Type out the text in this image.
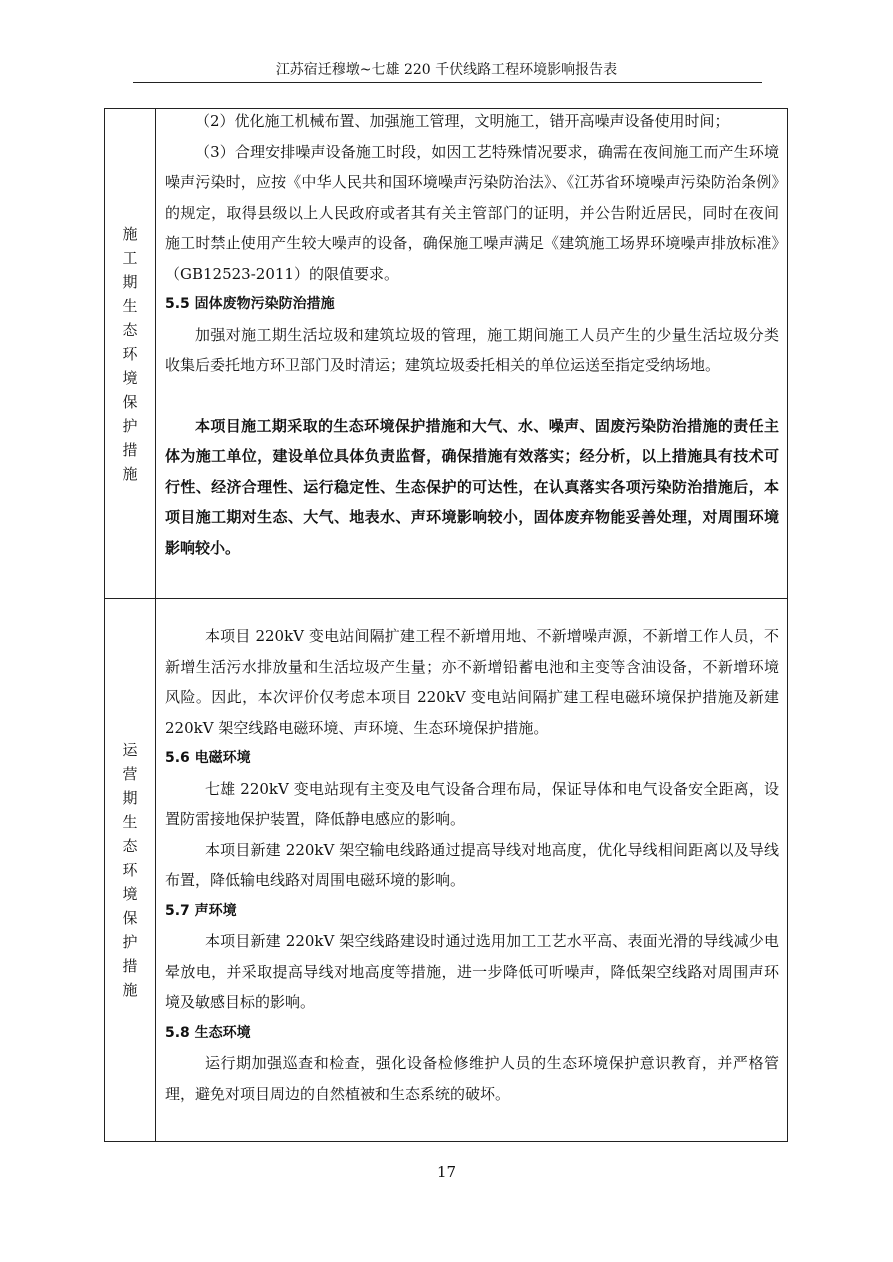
江苏宿迁穆墩~七雄 220 千伏线路工程环境影响报告表
施工期生态环境保护措施

（2）优化施工机械布置、加强施工管理，文明施工，错开高噪声设备使用时间；

（3）合理安排噪声设备施工时段，如因工艺特殊情况要求，确需在夜间施工而产生环境噪声污染时，应按《中华人民共和国环境噪声污染防治法》、《江苏省环境噪声污染防治条例》的规定，取得县级以上人民政府或者其有关主管部门的证明，并公告附近居民，同时在夜间施工时禁止使用产生较大噪声的设备，确保施工噪声满足《建筑施工场界环境噪声排放标准》（GB12523-2011）的限值要求。

5.5 固体废物污染防治措施

加强对施工期生活垃圾和建筑垃圾的管理，施工期间施工人员产生的少量生活垃圾分类收集后委托地方环卫部门及时清运；建筑垃圾委托相关的单位运送至指定受纳场地。

本项目施工期采取的生态环境保护措施和大气、水、噪声、固废污染防治措施的责任主体为施工单位，建设单位具体负责监督，确保措施有效落实；经分析，以上措施具有技术可行性、经济合理性、运行稳定性、生态保护的可达性，在认真落实各项污染防治措施后，本项目施工期对生态、大气、地表水、声环境影响较小，固体废弃物能妥善处理，对周围环境影响较小。

运营期生态环境保护措施

本项目 220kV 变电站间隔扩建工程不新增用地、不新增噪声源，不新增工作人员，不新增生活污水排放量和生活垃圾产生量；亦不新增铅蓄电池和主变等含油设备，不新增环境风险。因此，本次评价仅考虑本项目 220kV 变电站间隔扩建工程电磁环境保护措施及新建 220kV 架空线路电磁环境、声环境、生态环境保护措施。

5.6 电磁环境

七雄 220kV 变电站现有主变及电气设备合理布局，保证导体和电气设备安全距离，设置防雷接地保护装置，降低静电感应的影响。

本项目新建 220kV 架空输电线路通过提高导线对地高度，优化导线相间距离以及导线布置，降低输电线路对周围电磁环境的影响。

5.7 声环境

本项目新建 220kV 架空线路建设时通过选用加工工艺水平高、表面光滑的导线减少电晕放电，并采取提高导线对地高度等措施，进一步降低可听噪声，降低架空线路对周围声环境及敏感目标的影响。

5.8 生态环境

运行期加强巡查和检查，强化设备检修维护人员的生态环境保护意识教育，并严格管理，避免对项目周边的自然植被和生态系统的破坏。

17
